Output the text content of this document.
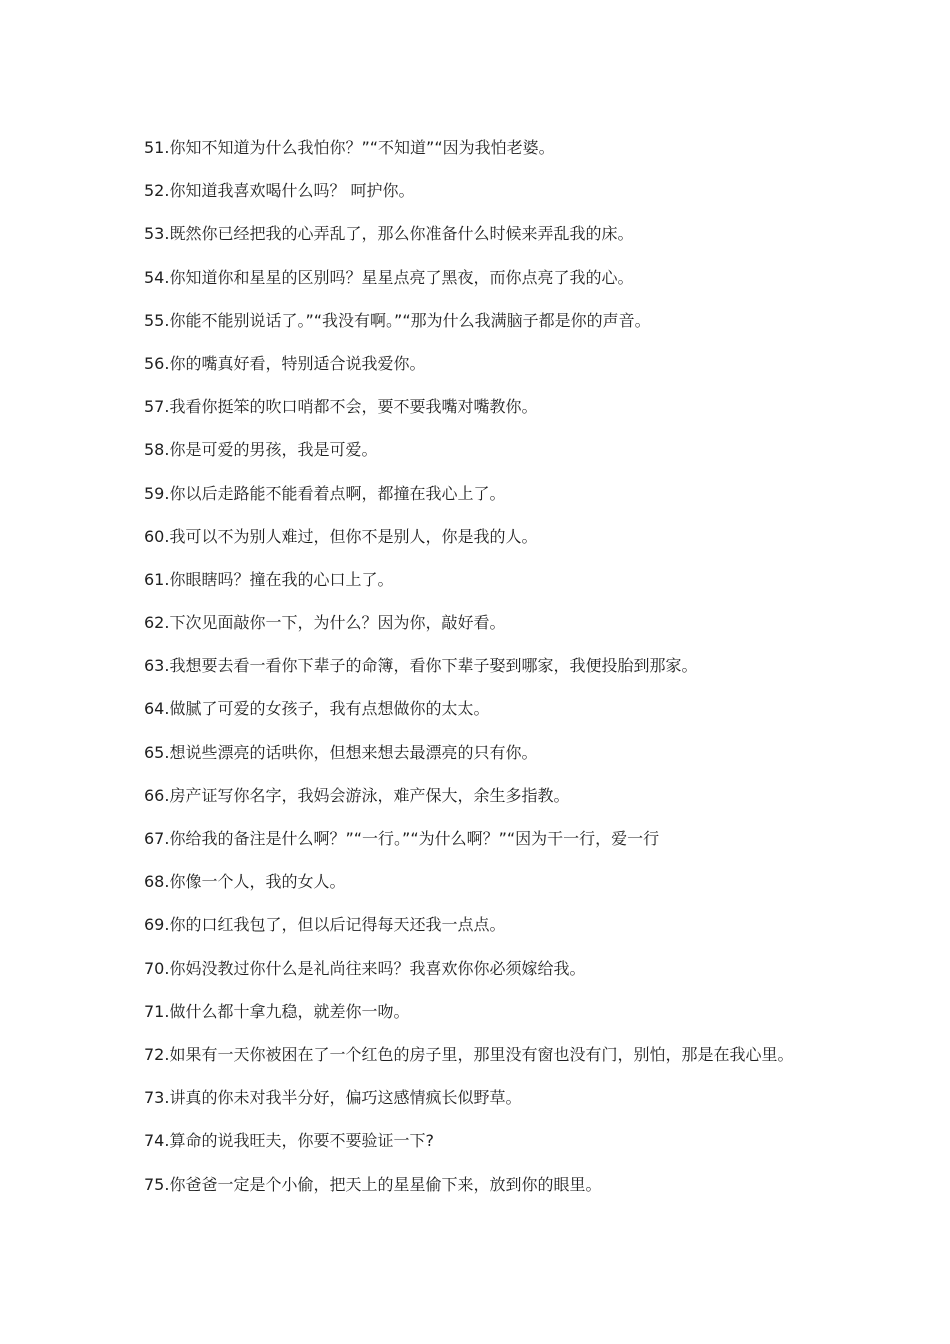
51.你知不知道为什么我怕你？”“不知道”“因为我怕老婆。
52.你知道我喜欢喝什么吗？ 呵护你。
53.既然你已经把我的心弄乱了，那么你准备什么时候来弄乱我的床。
54.你知道你和星星的区别吗？星星点亮了黑夜，而你点亮了我的心。
55.你能不能别说话了。”“我没有啊。”“那为什么我满脑子都是你的声音。
56.你的嘴真好看，特别适合说我爱你。
57.我看你挺笨的吹口哨都不会，要不要我嘴对嘴教你。
58.你是可爱的男孩，我是可爱。
59.你以后走路能不能看着点啊，都撞在我心上了。
60.我可以不为别人难过，但你不是别人，你是我的人。
61.你眼瞎吗？撞在我的心口上了。
62.下次见面敲你一下，为什么？因为你，敲好看。
63.我想要去看一看你下辈子的命簿，看你下辈子娶到哪家，我便投胎到那家。
64.做腻了可爱的女孩子，我有点想做你的太太。
65.想说些漂亮的话哄你，但想来想去最漂亮的只有你。
66.房产证写你名字，我妈会游泳，难产保大，余生多指教。
67.你给我的备注是什么啊？”“一行。”“为什么啊？”“因为干一行，爱一行
68.你像一个人，我的女人。
69.你的口红我包了，但以后记得每天还我一点点。
70.你妈没教过你什么是礼尚往来吗？我喜欢你你必须嫁给我。
71.做什么都十拿九稳，就差你一吻。
72.如果有一天你被困在了一个红色的房子里，那里没有窗也没有门，别怕，那是在我心里。
73.讲真的你未对我半分好，偏巧这感情疯长似野草。
74.算命的说我旺夫，你要不要验证一下?
75.你爸爸一定是个小偷，把天上的星星偷下来，放到你的眼里。
